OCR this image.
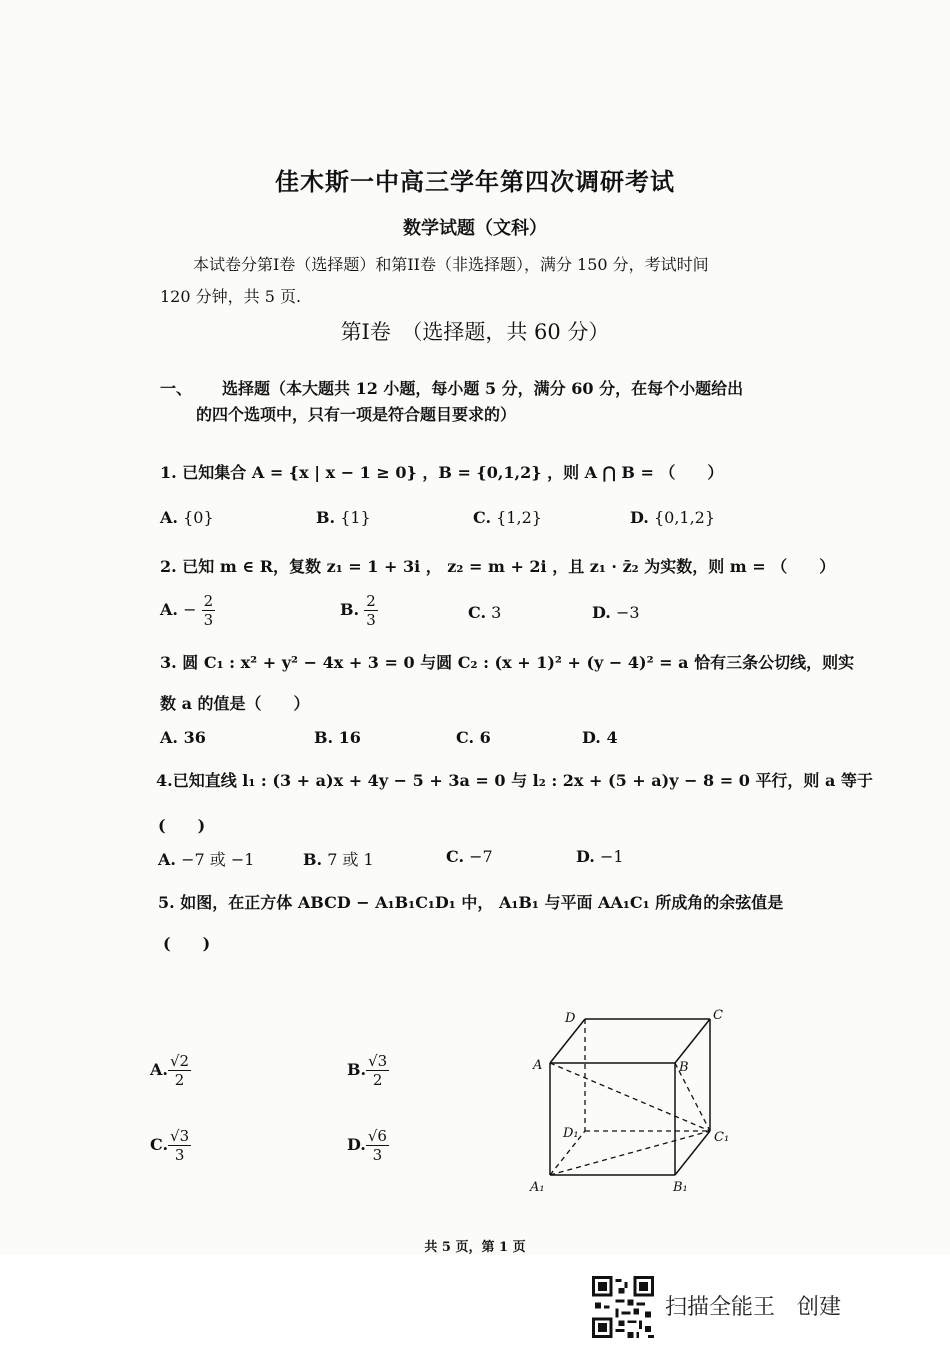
佳木斯一中高三学年第四次调研考试
数学试题（文科）
本试卷分第I卷（选择题）和第II卷（非选择题），满分 150 分，考试时间
120 分钟，共 5 页.
第I卷　（选择题，共 60 分）
一、 选择题（本大题共 12 小题，每小题 5 分，满分 60 分，在每个小题给出
的四个选项中，只有一项是符合题目要求的）
1. 已知集合 A = {x | x − 1 ≥ 0} ，B = {0,1,2} ，则 A ⋂ B = （　　）
A. {0}	B. {1}	C. {1,2}	D. {0,1,2}
2. 已知 m ∈ R，复数 z₁ = 1 + 3i ， z₂ = m + 2i ，且 z₁ · z̄₂ 为实数，则 m = （　　）
A. − $\frac{2}{3}$	B. $\frac{2}{3}$	C. 3	D. −3
3. 圆 C₁ : x² + y² − 4x + 3 = 0 与圆 C₂ : (x + 1)² + (y − 4)² = a 恰有三条公切线，则实
数 a 的值是（　　）
A. 36	B. 16	C. 6	D. 4
4.已知直线 l₁ : (3 + a)x + 4y − 5 + 3a = 0 与 l₂ : 2x + (5 + a)y − 8 = 0 平行，则 a 等于
(　　)
A. −7 或 −1	B. 7 或 1	C. −7	D. −1
5. 如图，在正方体 ABCD − A₁B₁C₁D₁ 中， A₁B₁ 与平面 AA₁C₁ 所成角的余弦值是
(　　)
A. $\frac{√2}{2}$	B. $\frac{√3}{2}$
C. $\frac{√3}{3}$	D. $\frac{√6}{3}$
D	C
A	B
D₁	C₁
A₁	B₁
共 5 页，第 1 页
扫描全能王　创建
